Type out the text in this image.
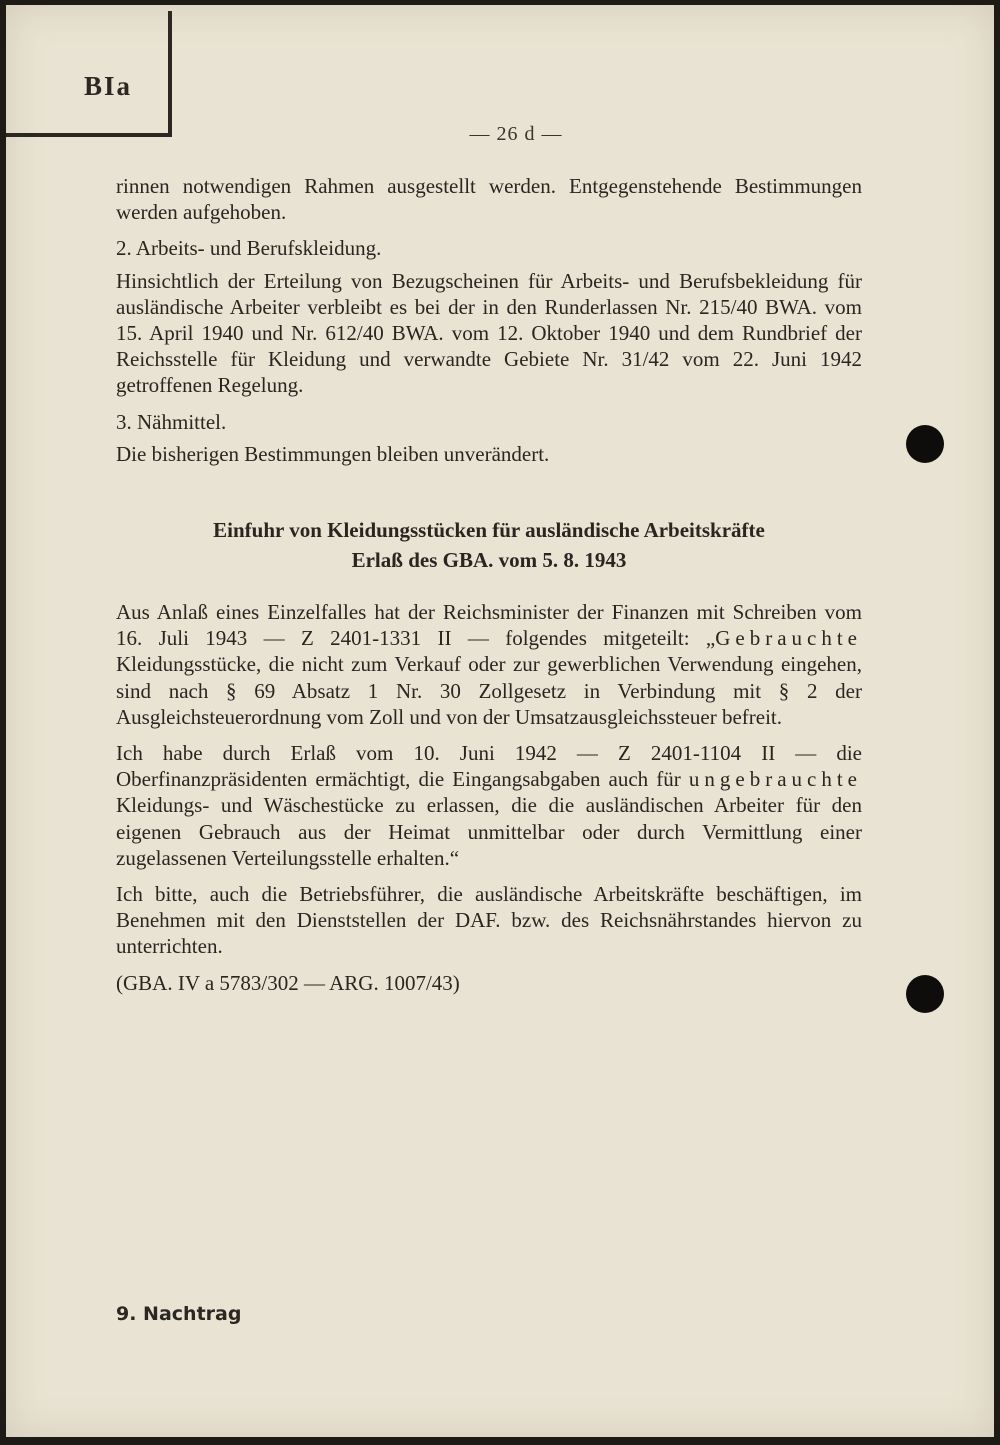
BIa
— 26 d —

rinnen notwendigen Rahmen ausgestellt werden. Entgegenstehende Bestimmungen werden aufgehoben.

2. Arbeits- und Berufskleidung.

Hinsichtlich der Erteilung von Bezugscheinen für Arbeits- und Berufsbekleidung für ausländische Arbeiter verbleibt es bei der in den Runderlassen Nr. 215/40 BWA. vom 15. April 1940 und Nr. 612/40 BWA. vom 12. Oktober 1940 und dem Rundbrief der Reichsstelle für Kleidung und verwandte Gebiete Nr. 31/42 vom 22. Juni 1942 getroffenen Regelung.

3. Nähmittel.

Die bisherigen Bestimmungen bleiben unverändert.

Einfuhr von Kleidungsstücken für ausländische Arbeitskräfte

Erlaß des GBA. vom 5. 8. 1943

Aus Anlaß eines Einzelfalles hat der Reichsminister der Finanzen mit Schreiben vom 16. Juli 1943 — Z 2401-1331 II — folgendes mitgeteilt: „Gebrauchte Kleidungsstücke, die nicht zum Verkauf oder zur gewerblichen Verwendung eingehen, sind nach § 69 Absatz 1 Nr. 30 Zollgesetz in Verbindung mit § 2 der Ausgleichsteuerordnung vom Zoll und von der Umsatzausgleichssteuer befreit.

Ich habe durch Erlaß vom 10. Juni 1942 — Z 2401-1104 II — die Oberfinanzpräsidenten ermächtigt, die Eingangsabgaben auch für ungebrauchte Kleidungs- und Wäschestücke zu erlassen, die die ausländischen Arbeiter für den eigenen Gebrauch aus der Heimat unmittelbar oder durch Vermittlung einer zugelassenen Verteilungsstelle erhalten.“

Ich bitte, auch die Betriebsführer, die ausländische Arbeitskräfte beschäftigen, im Benehmen mit den Dienststellen der DAF. bzw. des Reichsnährstandes hiervon zu unterrichten.

(GBA. IV a 5783/302 — ARG. 1007/43)

9. Nachtrag
